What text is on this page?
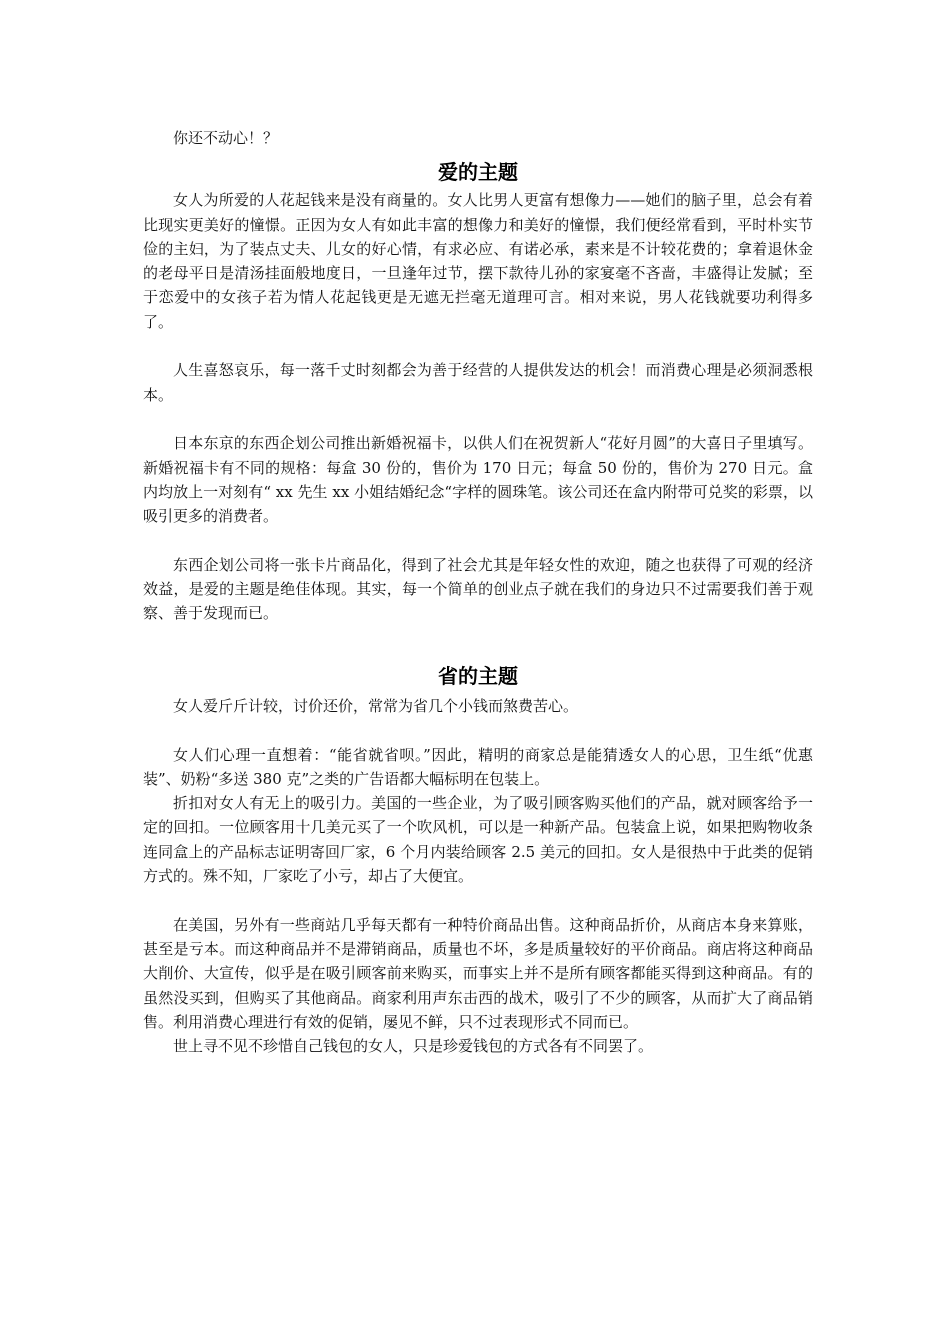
你还不动心！？

爱的主题

女人为所爱的人花起钱来是没有商量的。女人比男人更富有想像力——她们的脑子里，总会有着比现实更美好的憧憬。正因为女人有如此丰富的想像力和美好的憧憬，我们便经常看到，平时朴实节俭的主妇，为了装点丈夫、儿女的好心情，有求必应、有诺必承，素来是不计较花费的；拿着退休金的老母平日是清汤挂面般地度日，一旦逢年过节，摆下款待儿孙的家宴毫不吝啬，丰盛得让发腻；至于恋爱中的女孩子若为情人花起钱更是无遮无拦毫无道理可言。相对来说，男人花钱就要功利得多了。

人生喜怒哀乐，每一落千丈时刻都会为善于经营的人提供发达的机会！而消费心理是必须洞悉根本。

日本东京的东西企划公司推出新婚祝福卡，以供人们在祝贺新人“花好月圆”的大喜日子里填写。新婚祝福卡有不同的规格：每盒 30 份的，售价为 170 日元；每盒 50 份的，售价为 270 日元。盒内均放上一对刻有“ xx 先生 xx 小姐结婚纪念“字样的圆珠笔。该公司还在盒内附带可兑奖的彩票，以吸引更多的消费者。

东西企划公司将一张卡片商品化，得到了社会尤其是年轻女性的欢迎，随之也获得了可观的经济效益，是爱的主题是绝佳体现。其实，每一个简单的创业点子就在我们的身边只不过需要我们善于观察、善于发现而已。

省的主题

女人爱斤斤计较，讨价还价，常常为省几个小钱而煞费苦心。

女人们心理一直想着：“能省就省呗。”因此，精明的商家总是能猜透女人的心思，卫生纸“优惠装”、奶粉“多送 380 克”之类的广告语都大幅标明在包装上。

折扣对女人有无上的吸引力。美国的一些企业，为了吸引顾客购买他们的产品，就对顾客给予一定的回扣。一位顾客用十几美元买了一个吹风机，可以是一种新产品。包装盒上说，如果把购物收条连同盒上的产品标志证明寄回厂家，6 个月内装给顾客 2.5 美元的回扣。女人是很热中于此类的促销方式的。殊不知，厂家吃了小亏，却占了大便宜。

在美国，另外有一些商站几乎每天都有一种特价商品出售。这种商品折价，从商店本身来算账，甚至是亏本。而这种商品并不是滞销商品，质量也不坏，多是质量较好的平价商品。商店将这种商品大削价、大宣传，似乎是在吸引顾客前来购买，而事实上并不是所有顾客都能买得到这种商品。有的虽然没买到，但购买了其他商品。商家利用声东击西的战术，吸引了不少的顾客，从而扩大了商品销售。利用消费心理进行有效的促销，屡见不鲜，只不过表现形式不同而已。

世上寻不见不珍惜自己钱包的女人，只是珍爱钱包的方式各有不同罢了。
